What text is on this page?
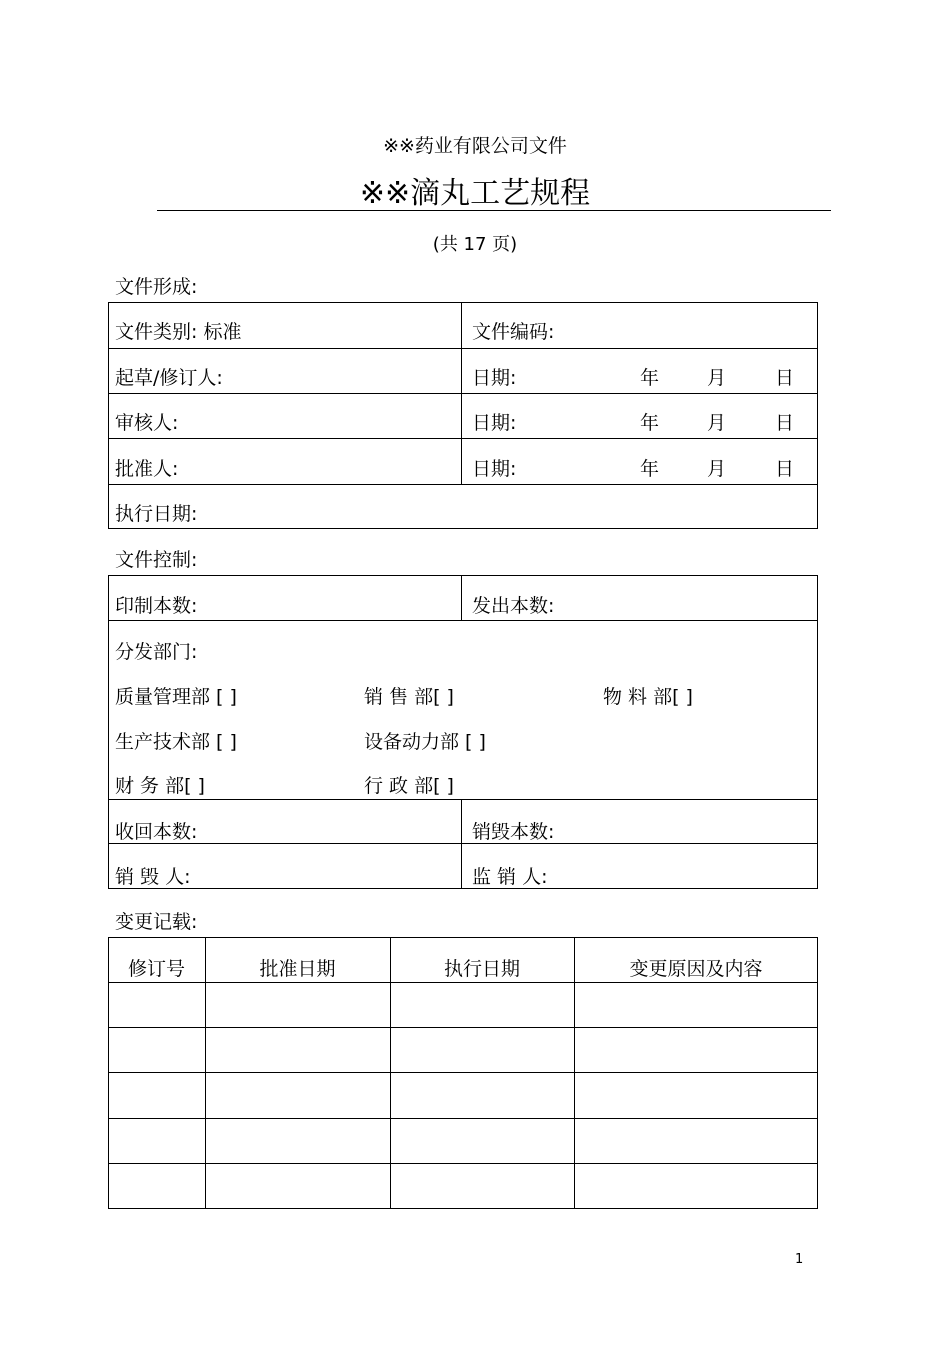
※※药业有限公司文件
※※滴丸工艺规程
(共 17 页)
文件形成:
文件类别: 标准	文件编码:
起草/修订人:	日期:	年	月	日
审核人:	日期:	年	月	日
批准人:	日期:	年	月	日
执行日期:
文件控制:
印制本数:	发出本数:
分发部门:
质量管理部 [ ]	销 售 部[ ]	物 料 部[ ]
生产技术部 [ ]	设备动力部 [ ]
财 务 部[ ]	行 政 部[ ]
收回本数:	销毁本数:
销 毁 人:	监 销 人:
变更记载:
修订号	批准日期	执行日期	变更原因及内容
1
